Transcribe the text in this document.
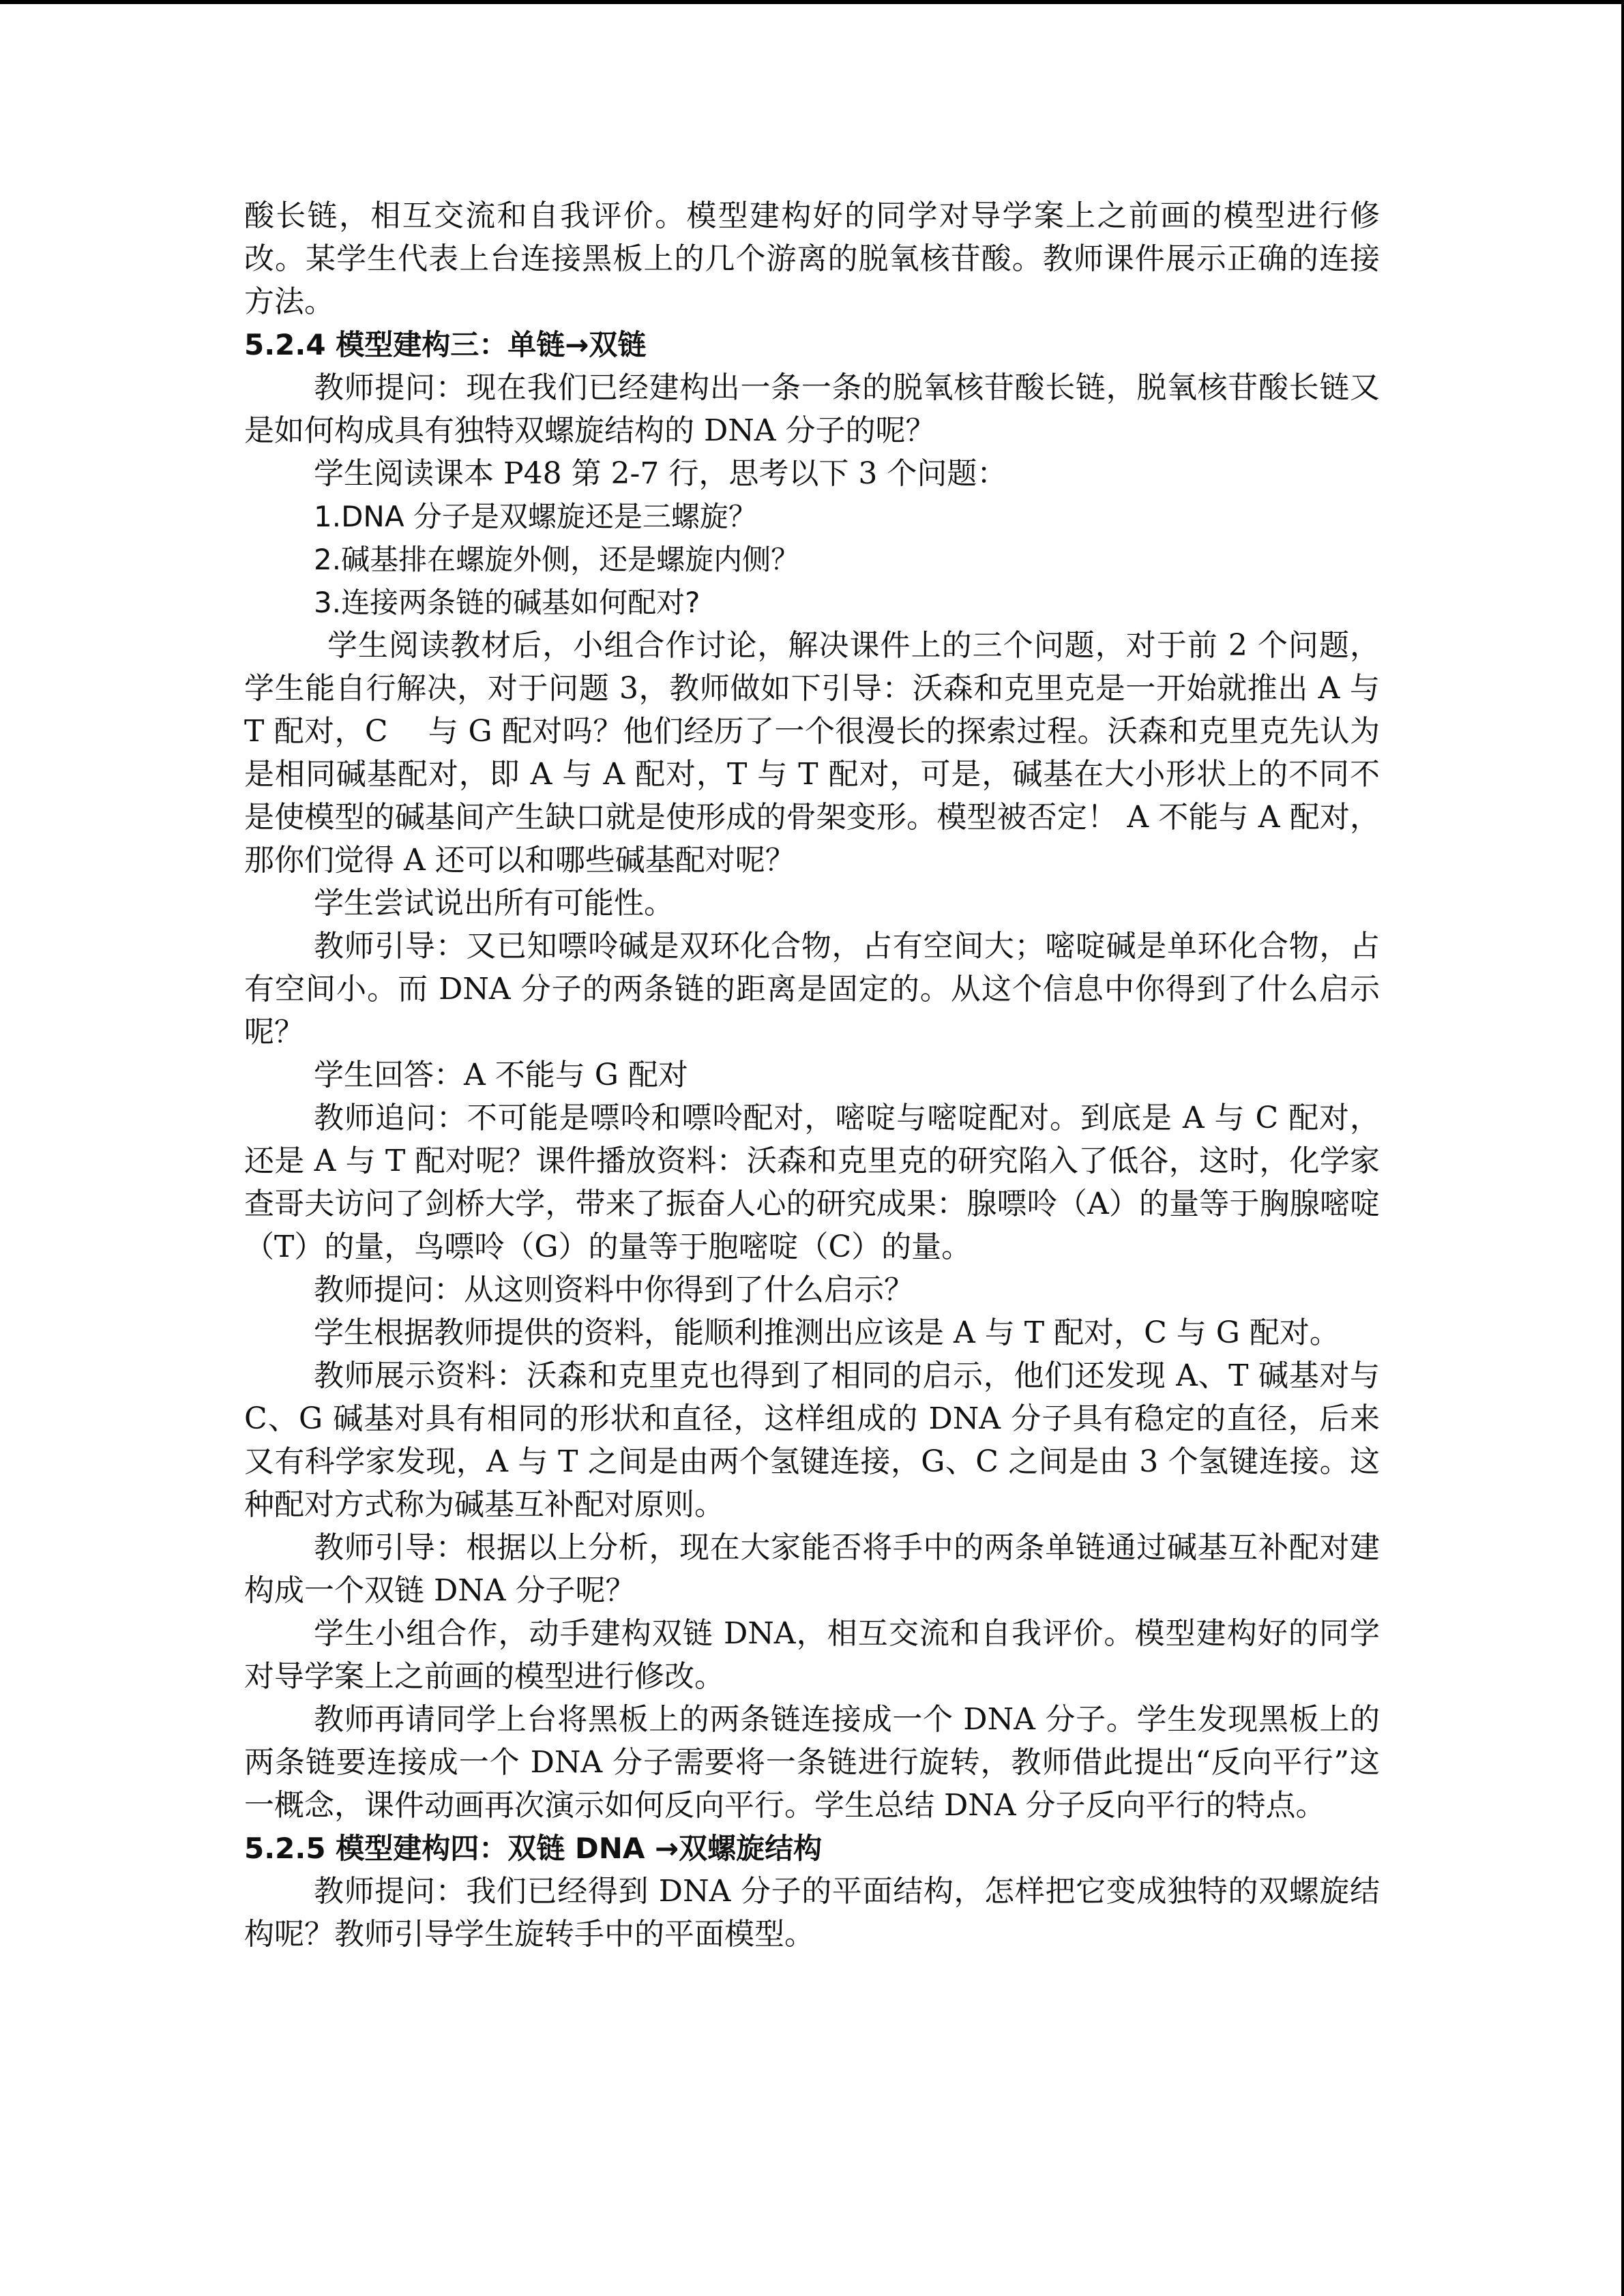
酸长链，相互交流和自我评价。模型建构好的同学对导学案上之前画的模型进行修改。某学生代表上台连接黑板上的几个游离的脱氧核苷酸。教师课件展示正确的连接方法。

5.2.4 模型建构三：单链→双链

教师提问：现在我们已经建构出一条一条的脱氧核苷酸长链，脱氧核苷酸长链又是如何构成具有独特双螺旋结构的 DNA 分子的呢？

学生阅读课本 P48 第 2-7 行，思考以下 3 个问题：

1.DNA 分子是双螺旋还是三螺旋？

2.碱基排在螺旋外侧，还是螺旋内侧？

3.连接两条链的碱基如何配对?

学生阅读教材后，小组合作讨论，解决课件上的三个问题，对于前 2 个问题，学生能自行解决，对于问题 3，教师做如下引导：沃森和克里克是一开始就推出 A 与 T 配对，C　 与 G 配对吗？他们经历了一个很漫长的探索过程。沃森和克里克先认为是相同碱基配对，即 A 与 A 配对，T 与 T 配对，可是，碱基在大小形状上的不同不是使模型的碱基间产生缺口就是使形成的骨架变形。模型被否定！ A 不能与 A 配对，那你们觉得 A 还可以和哪些碱基配对呢？

学生尝试说出所有可能性。

教师引导：又已知嘌呤碱是双环化合物，占有空间大；嘧啶碱是单环化合物，占有空间小。而 DNA 分子的两条链的距离是固定的。从这个信息中你得到了什么启示呢？

学生回答：A 不能与 G 配对

教师追问：不可能是嘌呤和嘌呤配对，嘧啶与嘧啶配对。到底是 A 与 C 配对，还是 A 与 T 配对呢？课件播放资料：沃森和克里克的研究陷入了低谷，这时，化学家查哥夫访问了剑桥大学，带来了振奋人心的研究成果：腺嘌呤（A）的量等于胸腺嘧啶（T）的量，鸟嘌呤（G）的量等于胞嘧啶（C）的量。

教师提问：从这则资料中你得到了什么启示？

学生根据教师提供的资料，能顺利推测出应该是 A 与 T 配对，C 与 G 配对。

教师展示资料：沃森和克里克也得到了相同的启示，他们还发现 A、T 碱基对与 C、G 碱基对具有相同的形状和直径，这样组成的 DNA 分子具有稳定的直径，后来又有科学家发现，A 与 T 之间是由两个氢键连接，G、C 之间是由 3 个氢键连接。这种配对方式称为碱基互补配对原则。

教师引导：根据以上分析，现在大家能否将手中的两条单链通过碱基互补配对建构成一个双链 DNA 分子呢？

学生小组合作，动手建构双链 DNA，相互交流和自我评价。模型建构好的同学对导学案上之前画的模型进行修改。

教师再请同学上台将黑板上的两条链连接成一个 DNA 分子。学生发现黑板上的两条链要连接成一个 DNA 分子需要将一条链进行旋转，教师借此提出“反向平行”这一概念，课件动画再次演示如何反向平行。学生总结 DNA 分子反向平行的特点。

5.2.5 模型建构四：双链 DNA →双螺旋结构

教师提问：我们已经得到 DNA 分子的平面结构，怎样把它变成独特的双螺旋结构呢？教师引导学生旋转手中的平面模型。
